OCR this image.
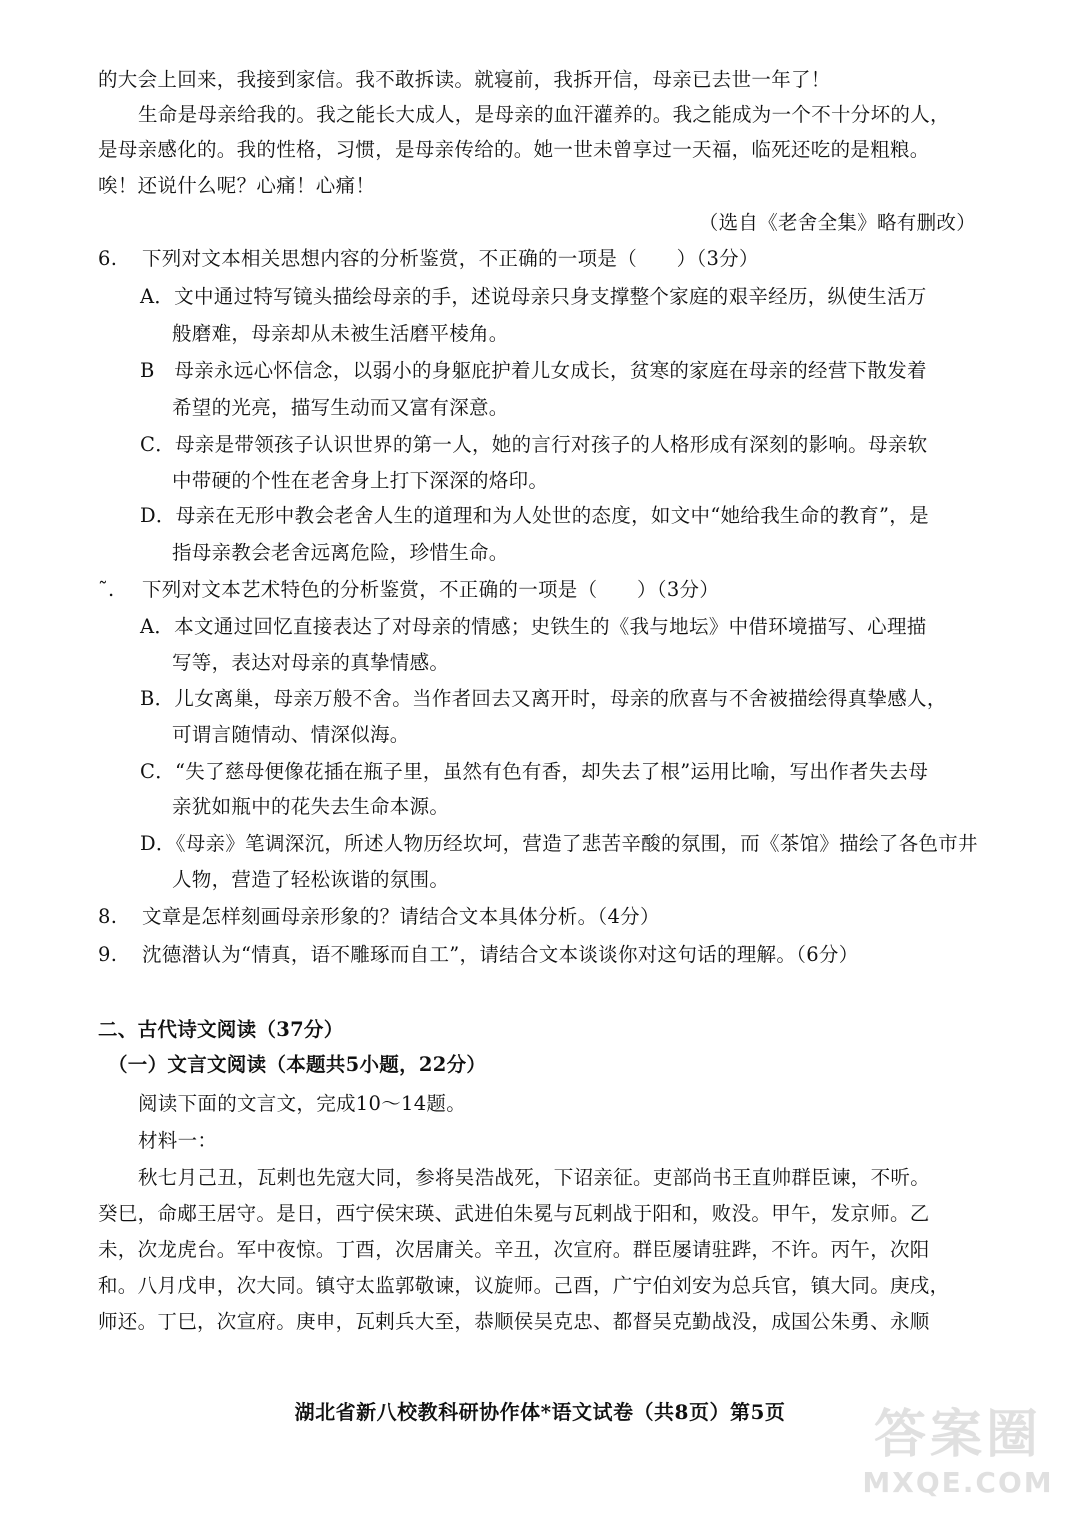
的大会上回来，我接到家信。我不敢拆读。就寝前，我拆开信，母亲已去世一年了！
生命是母亲给我的。我之能长大成人，是母亲的血汗灌养的。我之能成为一个不十分坏的人，
是母亲感化的。我的性格，习惯，是母亲传给的。她一世未曾享过一天福，临死还吃的是粗粮。
唉！还说什么呢？心痛！心痛！
（选自《老舍全集》略有删改）
6. 下列对文本相关思想内容的分析鉴赏，不正确的一项是（　　）（3分）
A．文中通过特写镜头描绘母亲的手，述说母亲只身支撑整个家庭的艰辛经历，纵使生活万
般磨难，母亲却从未被生活磨平棱角。
B　母亲永远心怀信念，以弱小的身躯庇护着儿女成长，贫寒的家庭在母亲的经营下散发着
希望的光亮，描写生动而又富有深意。
C．母亲是带领孩子认识世界的第一人，她的言行对孩子的人格形成有深刻的影响。母亲软
中带硬的个性在老舍身上打下深深的烙印。
D．母亲在无形中教会老舍人生的道理和为人处世的态度，如文中“她给我生命的教育”，是
指母亲教会老舍远离危险，珍惜生命。
˜. 下列对文本艺术特色的分析鉴赏，不正确的一项是（　　）（3分）
A．本文通过回忆直接表达了对母亲的情感；史铁生的《我与地坛》中借环境描写、心理描
写等，表达对母亲的真挚情感。
B．儿女离巢，母亲万般不舍。当作者回去又离开时，母亲的欣喜与不舍被描绘得真挚感人，
可谓言随情动、情深似海。
C．“失了慈母便像花插在瓶子里，虽然有色有香，却失去了根”运用比喻，写出作者失去母
亲犹如瓶中的花失去生命本源。
D．《母亲》笔调深沉，所述人物历经坎坷，营造了悲苦辛酸的氛围，而《茶馆》描绘了各色市井
人物，营造了轻松诙谐的氛围。
8. 文章是怎样刻画母亲形象的？请结合文本具体分析。（4分）
9. 沈德潜认为“情真，语不雕琢而自工”，请结合文本谈谈你对这句话的理解。（6分）
二、古代诗文阅读（37分）
（一）文言文阅读（本题共5小题，22分）
阅读下面的文言文，完成10～14题。
材料一：
秋七月己丑，瓦剌也先寇大同，参将吴浩战死，下诏亲征。吏部尚书王直帅群臣谏，不听。
癸巳，命郕王居守。是日，西宁侯宋瑛、武进伯朱冕与瓦剌战于阳和，败没。甲午，发京师。乙
未，次龙虎台。军中夜惊。丁酉，次居庸关。辛丑，次宣府。群臣屡请驻跸，不许。丙午，次阳
和。八月戊申，次大同。镇守太监郭敬谏，议旋师。己酉，广宁伯刘安为总兵官，镇大同。庚戌，
师还。丁巳，次宣府。庚申，瓦剌兵大至，恭顺侯吴克忠、都督吴克勤战没，成国公朱勇、永顺
湖北省新八校教科研协作体*语文试卷（共8页）第5页	答案圈
MXQE.COM
